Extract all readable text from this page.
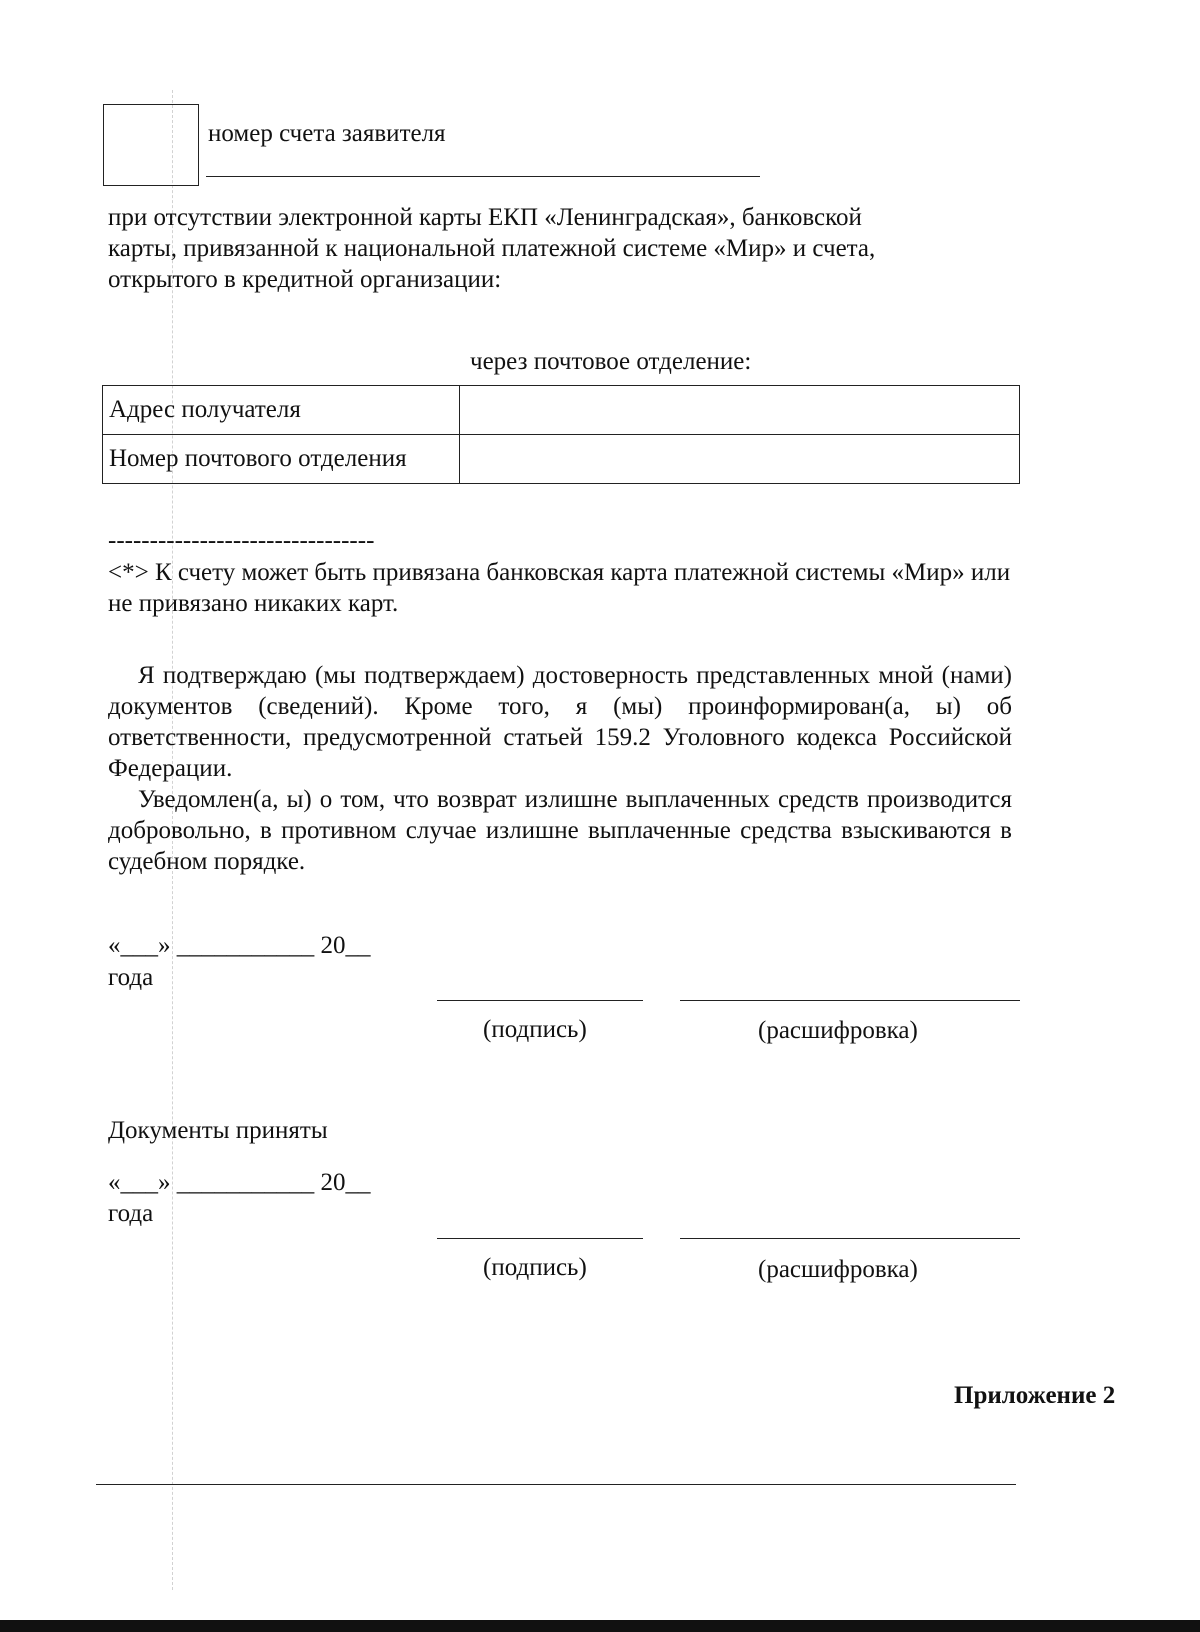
номер счета заявителя
при отсутствии электронной карты ЕКП «Ленинградская», банковской
карты, привязанной к национальной платежной системе «Мир» и счета,
открытого в кредитной организации:
через почтовое отделение:
Адрес получателя	
Номер почтового отделения	
--------------------------------
<*> К счету может быть привязана банковская карта платежной системы «Мир» или
не привязано никаких карт.

Я подтверждаю (мы подтверждаем) достоверность представленных мной (нами) документов (сведений). Кроме того, я (мы) проинформирован(а, ы) об ответственности, предусмотренной статьей 159.2 Уголовного кодекса Российской Федерации.

Уведомлен(а, ы) о том, что возврат излишне выплаченных средств производится добровольно, в противном случае излишне выплаченные средства взыскиваются в судебном порядке.

«___» ___________ 20__
года
(подпись)	(расшифровка)
Документы приняты
«___» ___________ 20__
года
(подпись)	(расшифровка)
Приложение 2
